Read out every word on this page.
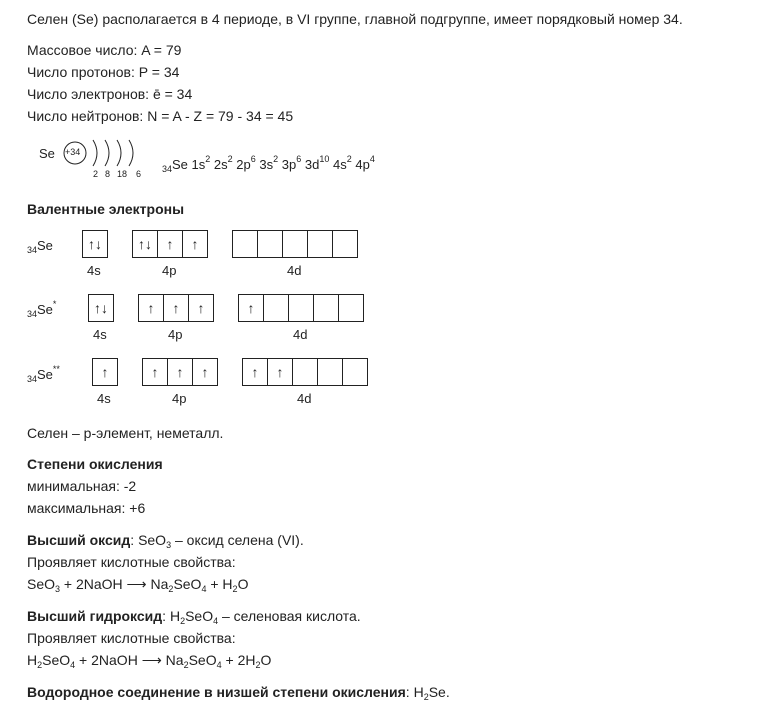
Селен (Se) располагается в 4 периоде, в VI группе, главной подгруппе, имеет порядковый номер 34.
Массовое число: A = 79
Число протонов: P = 34
Число электронов: ē = 34
Число нейтронов: N = A - Z = 79 - 34 = 45
Se +34
2 8 18 6 $_{34}$Se $1s^2$ $2s^2$ $2p^6$ $3s^2$ $3p^6$ $3d^{10}$ $4s^2$ $4p^4$
Валентные электроны
$_{34}$Se	↑↓	↑↓	↑	↑
4s	4p	4d
$_{34}$Se*	↑↓	↑	↑	↑	↑
4s	4p	4d
$_{34}$Se**	↑	↑	↑	↑	↑	↑
4s	4p	4d
Селен – p-элемент, неметалл.
Степени окисления
минимальная: -2
максимальная: +6
Высший оксид: SeO$_3$ – оксид селена (VI).
Проявляет кислотные свойства:
SeO$_3$ + 2NaOH ⟶ $Na_2SeO_4 + H_2O$
Высший гидроксид: $H_2SeO_4$ – селеновая кислота.
Проявляет кислотные свойства:
$H_2SeO_4$ + 2NaOH ⟶ $Na_2SeO_4 + 2H_2O$
Водородное соединение в низшей степени окисления: $H_2Se$.
